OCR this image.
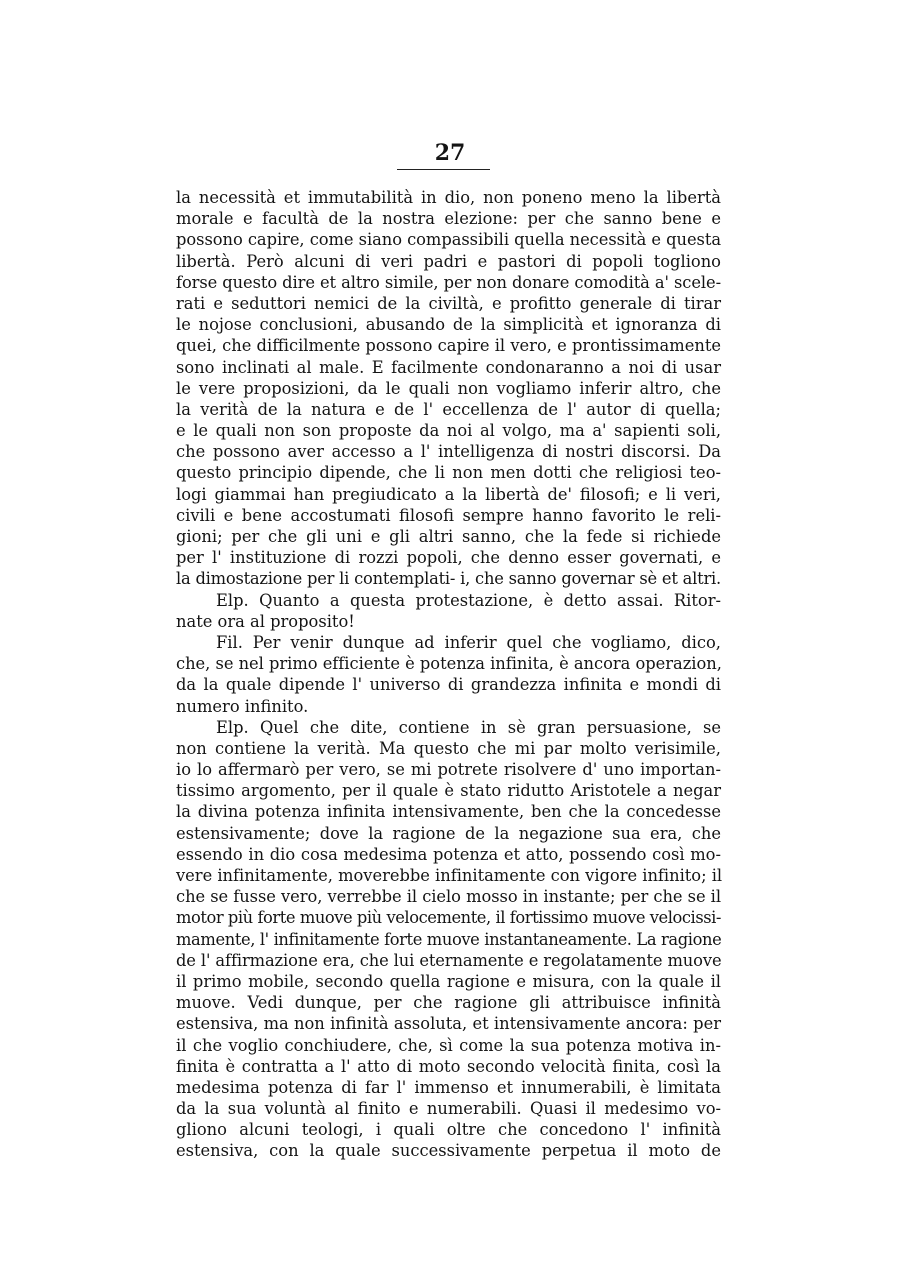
27
la necessità et immutabilità in dio, non poneno meno la libertà
morale e facultà de la nostra elezione: per che sanno bene e
possono capire, come siano compassibili quella necessità e questa
libertà. Però alcuni di veri padri e pastori di popoli togliono
forse questo dire et altro simile, per non donare comodità a' scele-
rati e seduttori nemici de la civiltà, e profitto generale di tirar
le nojose conclusioni, abusando de la simplicità et ignoranza di
quei, che difficilmente possono capire il vero, e prontissimamente
sono inclinati al male. E facilmente condonaranno a noi di usar
le vere proposizioni, da le quali non vogliamo inferir altro, che
la verità de la natura e de l' eccellenza de l' autor di quella;
e le quali non son proposte da noi al volgo, ma a' sapienti soli,
che possono aver accesso a l' intelligenza di nostri discorsi. Da
questo principio dipende, che li non men dotti che religiosi teo-
logi giammai han pregiudicato a la libertà de' filosofi; e li veri,
civili e bene accostumati filosofi sempre hanno favorito le reli-
gioni; per che gli uni e gli altri sanno, che la fede si richiede
per l' instituzione di rozzi popoli, che denno esser governati, e
la dimostazione per li contemplati- i, che sanno governar sè et altri.
Elp. Quanto a questa protestazione, è detto assai. Ritor-
nate ora al proposito!
Fil. Per venir dunque ad inferir quel che vogliamo, dico,
che, se nel primo efficiente è potenza infinita, è ancora operazion,
da la quale dipende l' universo di grandezza infinita e mondi di
numero infinito.
Elp. Quel che dite, contiene in sè gran persuasione, se
non contiene la verità. Ma questo che mi par molto verisimile,
io lo affermarò per vero, se mi potrete risolvere d' uno importan-
tissimo argomento, per il quale è stato ridutto Aristotele a negar
la divina potenza infinita intensivamente, ben che la concedesse
estensivamente; dove la ragione de la negazione sua era, che
essendo in dio cosa medesima potenza et atto, possendo così mo-
vere infinitamente, moverebbe infinitamente con vigore infinito; il
che se fusse vero, verrebbe il cielo mosso in instante; per che se il
motor più forte muove più velocemente, il fortissimo muove velocissi-
mamente, l' infinitamente forte muove instantaneamente. La ragione
de l' affirmazione era, che lui eternamente e regolatamente muove
il primo mobile, secondo quella ragione e misura, con la quale il
muove. Vedi dunque, per che ragione gli attribuisce infinità
estensiva, ma non infinità assoluta, et intensivamente ancora: per
il che voglio conchiudere, che, sì come la sua potenza motiva in-
finita è contratta a l' atto di moto secondo velocità finita, così la
medesima potenza di far l' immenso et innumerabili, è limitata
da la sua voluntà al finito e numerabili. Quasi il medesimo vo-
gliono alcuni teologi, i quali oltre che concedono l' infinità
estensiva, con la quale successivamente perpetua il moto de
